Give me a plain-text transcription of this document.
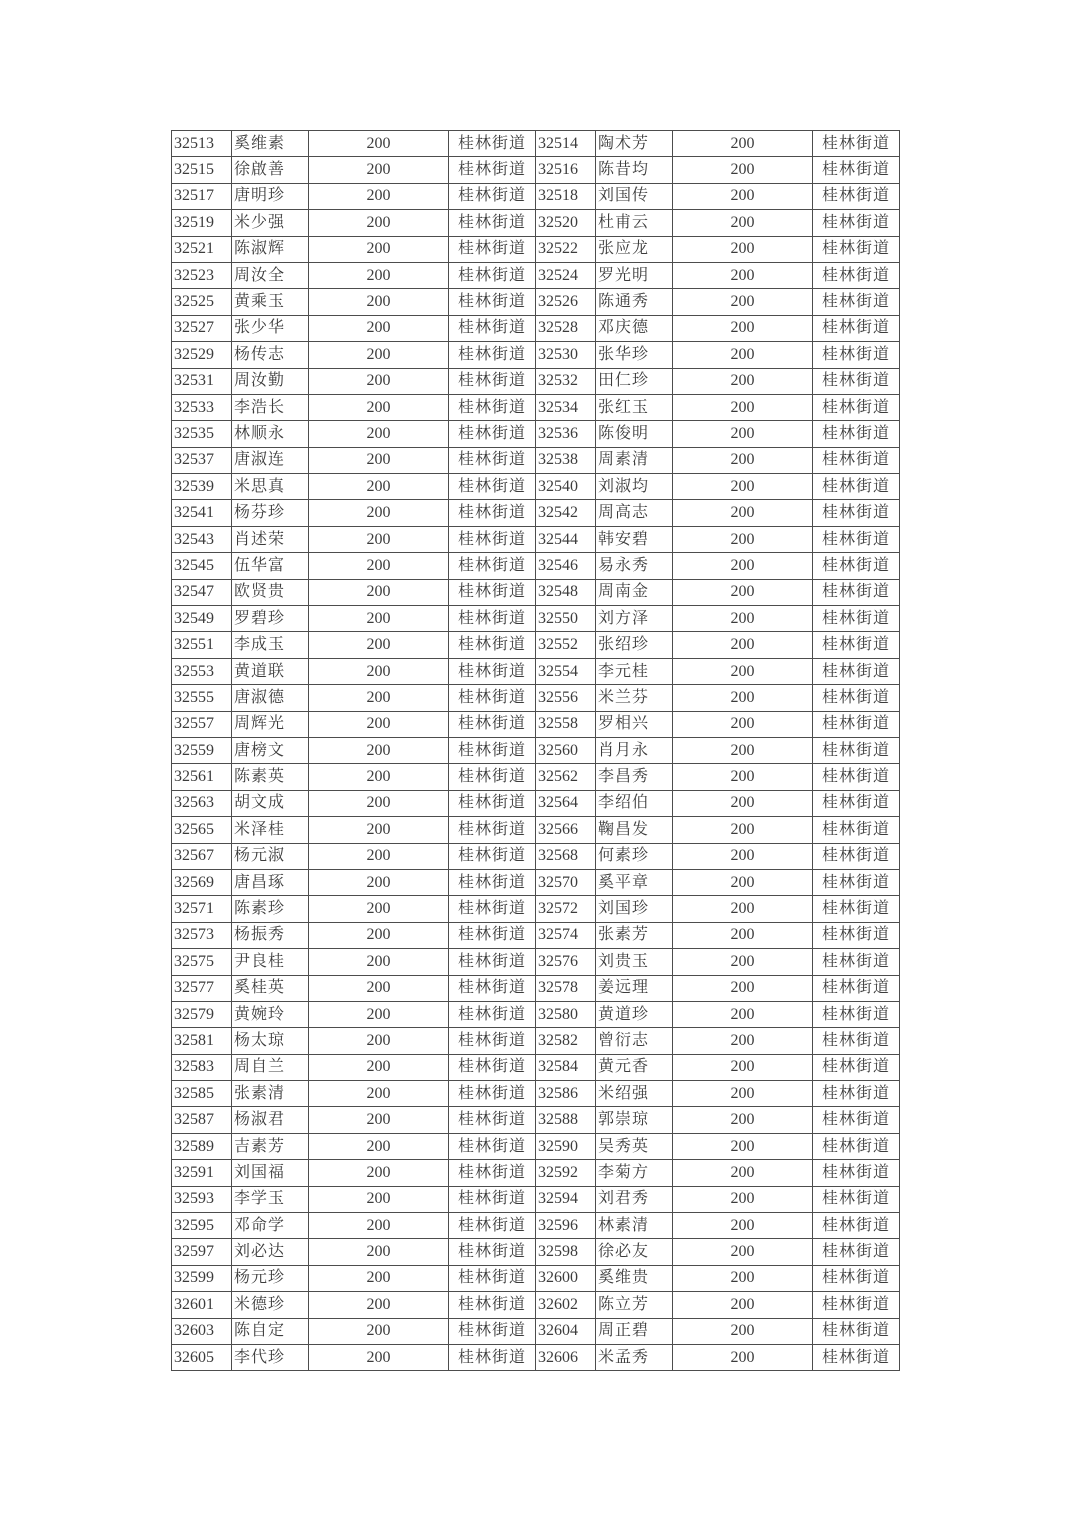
32513	奚维素	200	桂林街道	32514	陶术芳	200	桂林街道
32515	徐啟善	200	桂林街道	32516	陈昔均	200	桂林街道
32517	唐明珍	200	桂林街道	32518	刘国传	200	桂林街道
32519	米少强	200	桂林街道	32520	杜甫云	200	桂林街道
32521	陈淑辉	200	桂林街道	32522	张应龙	200	桂林街道
32523	周汝全	200	桂林街道	32524	罗光明	200	桂林街道
32525	黄乘玉	200	桂林街道	32526	陈通秀	200	桂林街道
32527	张少华	200	桂林街道	32528	邓庆德	200	桂林街道
32529	杨传志	200	桂林街道	32530	张华珍	200	桂林街道
32531	周汝勤	200	桂林街道	32532	田仁珍	200	桂林街道
32533	李浩长	200	桂林街道	32534	张红玉	200	桂林街道
32535	林顺永	200	桂林街道	32536	陈俊明	200	桂林街道
32537	唐淑连	200	桂林街道	32538	周素清	200	桂林街道
32539	米思真	200	桂林街道	32540	刘淑均	200	桂林街道
32541	杨芬珍	200	桂林街道	32542	周高志	200	桂林街道
32543	肖述荣	200	桂林街道	32544	韩安碧	200	桂林街道
32545	伍华富	200	桂林街道	32546	易永秀	200	桂林街道
32547	欧贤贵	200	桂林街道	32548	周南金	200	桂林街道
32549	罗碧珍	200	桂林街道	32550	刘方泽	200	桂林街道
32551	李成玉	200	桂林街道	32552	张绍珍	200	桂林街道
32553	黄道联	200	桂林街道	32554	李元桂	200	桂林街道
32555	唐淑德	200	桂林街道	32556	米兰芬	200	桂林街道
32557	周辉光	200	桂林街道	32558	罗相兴	200	桂林街道
32559	唐榜文	200	桂林街道	32560	肖月永	200	桂林街道
32561	陈素英	200	桂林街道	32562	李昌秀	200	桂林街道
32563	胡文成	200	桂林街道	32564	李绍伯	200	桂林街道
32565	米泽桂	200	桂林街道	32566	鞠昌发	200	桂林街道
32567	杨元淑	200	桂林街道	32568	何素珍	200	桂林街道
32569	唐昌琢	200	桂林街道	32570	奚平章	200	桂林街道
32571	陈素珍	200	桂林街道	32572	刘国珍	200	桂林街道
32573	杨振秀	200	桂林街道	32574	张素芳	200	桂林街道
32575	尹良桂	200	桂林街道	32576	刘贵玉	200	桂林街道
32577	奚桂英	200	桂林街道	32578	姜远理	200	桂林街道
32579	黄婉玲	200	桂林街道	32580	黄道珍	200	桂林街道
32581	杨太琼	200	桂林街道	32582	曾衍志	200	桂林街道
32583	周自兰	200	桂林街道	32584	黄元香	200	桂林街道
32585	张素清	200	桂林街道	32586	米绍强	200	桂林街道
32587	杨淑君	200	桂林街道	32588	郭崇琼	200	桂林街道
32589	吉素芳	200	桂林街道	32590	吴秀英	200	桂林街道
32591	刘国福	200	桂林街道	32592	李菊方	200	桂林街道
32593	李学玉	200	桂林街道	32594	刘君秀	200	桂林街道
32595	邓命学	200	桂林街道	32596	林素清	200	桂林街道
32597	刘必达	200	桂林街道	32598	徐必友	200	桂林街道
32599	杨元珍	200	桂林街道	32600	奚维贵	200	桂林街道
32601	米德珍	200	桂林街道	32602	陈立芳	200	桂林街道
32603	陈自定	200	桂林街道	32604	周正碧	200	桂林街道
32605	李代珍	200	桂林街道	32606	米孟秀	200	桂林街道
